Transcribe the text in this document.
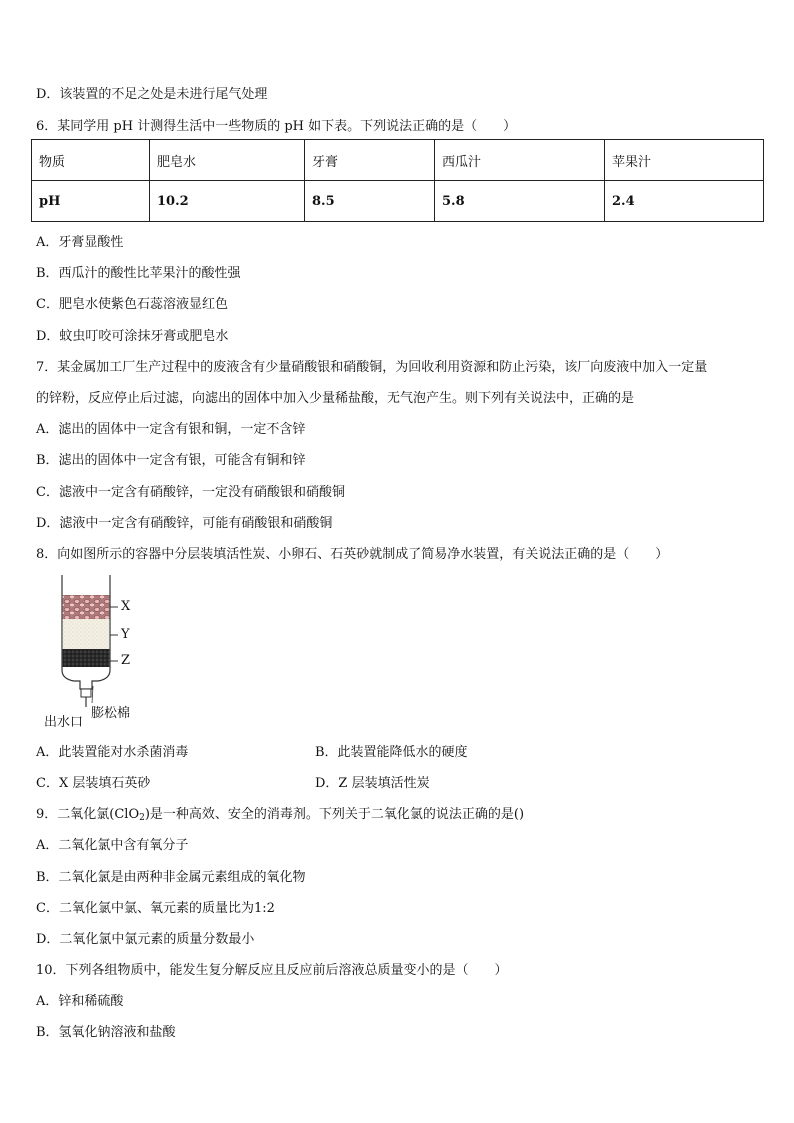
D．该装置的不足之处是未进行尾气处理
6．某同学用 pH 计测得生活中一些物质的 pH 如下表。下列说法正确的是（　　）
物质	肥皂水	牙膏	西瓜汁	苹果汁
pH	10.2	8.5	5.8	2.4
A．牙膏显酸性
B．西瓜汁的酸性比苹果汁的酸性强
C．肥皂水使紫色石蕊溶液显红色
D．蚊虫叮咬可涂抹牙膏或肥皂水
7．某金属加工厂生产过程中的废液含有少量硝酸银和硝酸铜，为回收利用资源和防止污染，该厂向废液中加入一定量
的锌粉，反应停止后过滤，向滤出的固体中加入少量稀盐酸，无气泡产生。则下列有关说法中，正确的是
A．滤出的固体中一定含有银和铜，一定不含锌
B．滤出的固体中一定含有银，可能含有铜和锌
C．滤液中一定含有硝酸锌，一定没有硝酸银和硝酸铜
D．滤液中一定含有硝酸锌，可能有硝酸银和硝酸铜
8．向如图所示的容器中分层装填活性炭、小卵石、石英砂就制成了简易净水装置，有关说法正确的是（　　）
X
Y
Z
膨松棉
出水口
A．此装置能对水杀菌消毒	B．此装置能降低水的硬度
C．X 层装填石英砂	D．Z 层装填活性炭
9．二氧化氯(ClO$_2$)是一种高效、安全的消毒剂。下列关于二氧化氯的说法正确的是()
A．二氧化氯中含有氧分子
B．二氧化氯是由两种非金属元素组成的氧化物
C．二氧化氯中氯、氧元素的质量比为1:2
D．二氧化氯中氯元素的质量分数最小
10．下列各组物质中，能发生复分解反应且反应前后溶液总质量变小的是（　　）
A．锌和稀硫酸
B．氢氧化钠溶液和盐酸
